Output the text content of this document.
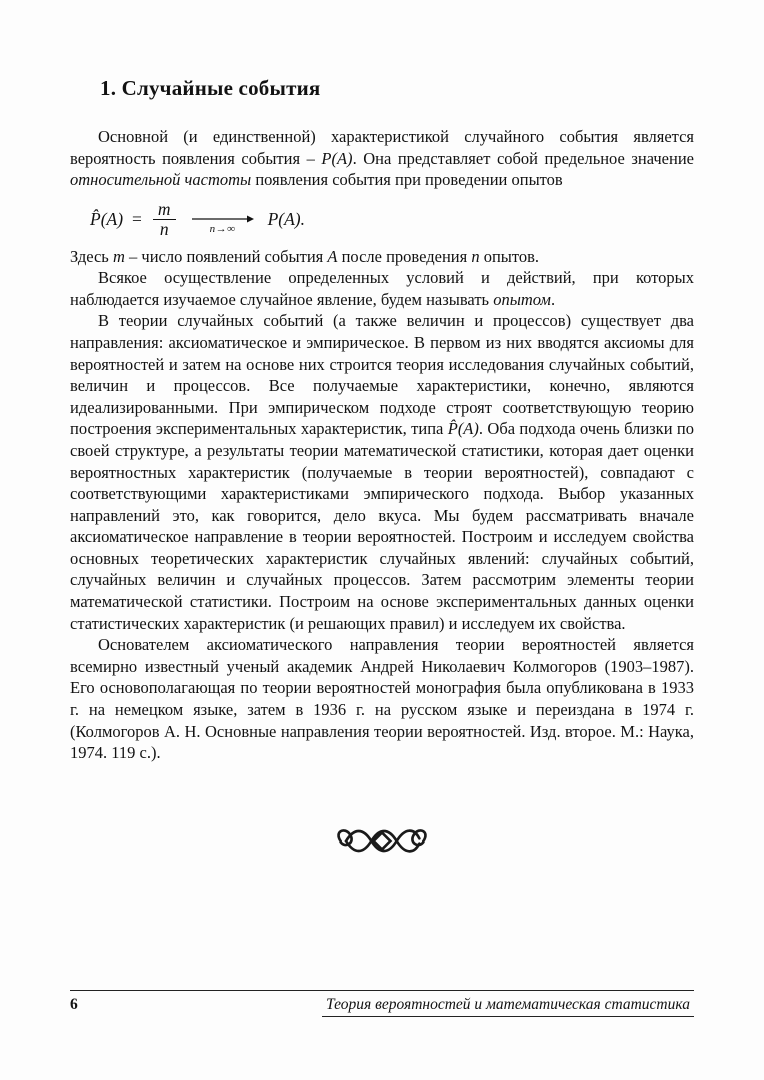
1. Случайные события

Основной (и единственной) характеристикой случайного события является вероятность появления события – P(A). Она представляет собой предельное значение относительной частоты появления события при проведении опытов

P̂(A) = $\frac{m}{n}$	n→∞ P(A).

Здесь m – число появлений события A после проведения n опытов.

Всякое осуществление определенных условий и действий, при которых наблюдается изучаемое случайное явление, будем называть опытом.

В теории случайных событий (а также величин и процессов) существует два направления: аксиоматическое и эмпирическое. В первом из них вводятся аксиомы для вероятностей и затем на основе них строится теория исследования случайных событий, величин и процессов. Все получаемые характеристики, конечно, являются идеализированными. При эмпирическом подходе строят соответствующую теорию построения экспериментальных характеристик, типа P̂(A). Оба подхода очень близки по своей структуре, а результаты теории математической статистики, которая дает оценки вероятностных характеристик (получаемые в теории вероятностей), совпадают с соответствующими характеристиками эмпирического подхода. Выбор указанных направлений это, как говорится, дело вкуса. Мы будем рассматривать вначале аксиоматическое направление в теории вероятностей. Построим и исследуем свойства основных теоретических характеристик случайных явлений: случайных событий, случайных величин и случайных процессов. Затем рассмотрим элементы теории математической статистики. Построим на основе экспериментальных данных оценки статистических характеристик (и решающих правил) и исследуем их свойства.

Основателем аксиоматического направления теории вероятностей является всемирно известный ученый академик Андрей Николаевич Колмогоров (1903–1987). Его основополагающая по теории вероятностей монография была опубликована в 1933 г. на немецком языке, затем в 1936 г. на русском языке и переиздана в 1974 г. (Колмогоров А. Н. Основные направления теории вероятностей. Изд. второе. М.: Наука, 1974. 119 с.).

6	Теория вероятностей и математическая статистика
